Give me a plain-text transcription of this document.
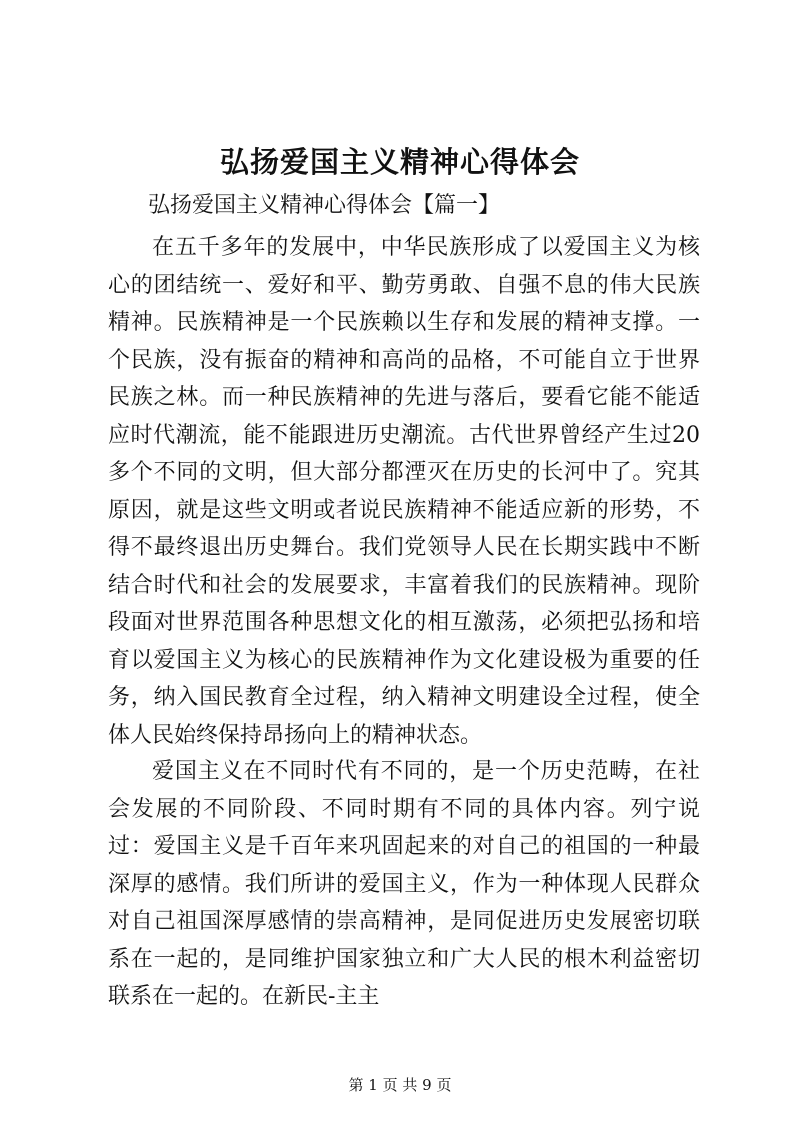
弘扬爱国主义精神心得体会

弘扬爱国主义精神心得体会【篇一】

在五千多年的发展中，中华民族形成了以爱国主义为核心的团结统一、爱好和平、勤劳勇敢、自强不息的伟大民族精神。民族精神是一个民族赖以生存和发展的精神支撑。一个民族，没有振奋的精神和高尚的品格，不可能自立于世界民族之林。而一种民族精神的先进与落后，要看它能不能适应时代潮流，能不能跟进历史潮流。古代世界曾经产生过20多个不同的文明，但大部分都湮灭在历史的长河中了。究其原因，就是这些文明或者说民族精神不能适应新的形势，不得不最终退出历史舞台。我们党领导人民在长期实践中不断结合时代和社会的发展要求，丰富着我们的民族精神。现阶段面对世界范围各种思想文化的相互激荡，必须把弘扬和培育以爱国主义为核心的民族精神作为文化建设极为重要的任务，纳入国民教育全过程，纳入精神文明建设全过程，使全体人民始终保持昂扬向上的精神状态。

爱国主义在不同时代有不同的，是一个历史范畴，在社会发展的不同阶段、不同时期有不同的具体内容。列宁说过：爱国主义是千百年来巩固起来的对自己的祖国的一种最深厚的感情。我们所讲的爱国主义，作为一种体现人民群众对自己祖国深厚感情的崇高精神，是同促进历史发展密切联系在一起的，是同维护国家独立和广大人民的根木利益密切联系在一起的。在新民-主主

第 1 页 共 9 页
